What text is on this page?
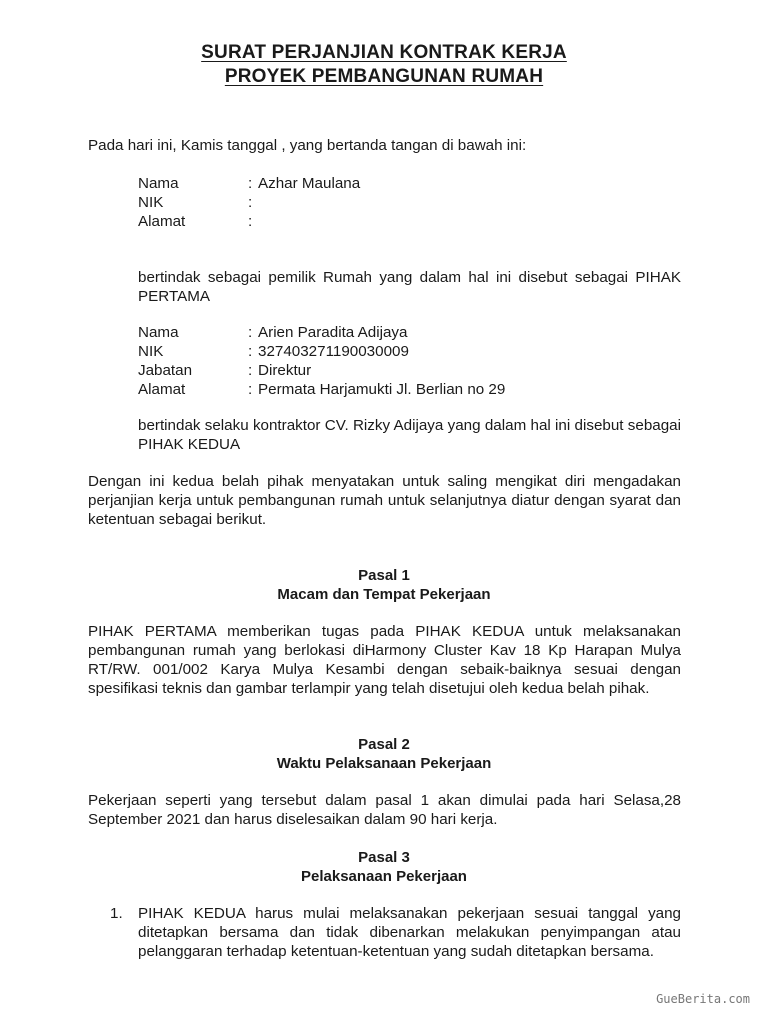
SURAT PERJANJIAN KONTRAK KERJA
PROYEK PEMBANGUNAN RUMAH
Pada hari ini, Kamis tanggal , yang bertanda tangan di bawah ini:
Nama	: Azhar Maulana
NIK	:
Alamat	:
bertindak sebagai pemilik Rumah yang dalam hal ini disebut sebagai PIHAK PERTAMA
Nama	: Arien Paradita Adijaya
NIK	: 327403271190030009
Jabatan	: Direktur
Alamat	: Permata Harjamukti Jl. Berlian no 29
bertindak selaku kontraktor CV. Rizky Adijaya yang dalam hal ini disebut sebagai PIHAK KEDUA
Dengan ini kedua belah pihak menyatakan untuk saling mengikat diri mengadakan perjanjian kerja untuk pembangunan rumah untuk selanjutnya diatur dengan syarat dan ketentuan sebagai berikut.
Pasal 1
Macam dan Tempat Pekerjaan
PIHAK PERTAMA memberikan tugas pada PIHAK KEDUA untuk melaksanakan pembangunan rumah yang berlokasi diHarmony Cluster Kav 18 Kp Harapan Mulya RT/RW. 001/002 Karya Mulya Kesambi dengan sebaik-baiknya sesuai dengan spesifikasi teknis dan gambar terlampir yang telah disetujui oleh kedua belah pihak.
Pasal 2
Waktu Pelaksanaan Pekerjaan
Pekerjaan seperti yang tersebut dalam pasal 1 akan dimulai pada hari Selasa,28 September 2021 dan harus diselesaikan dalam 90 hari kerja.
Pasal 3
Pelaksanaan Pekerjaan
1.	PIHAK KEDUA harus mulai melaksanakan pekerjaan sesuai tanggal yang ditetapkan bersama dan tidak dibenarkan melakukan penyimpangan atau pelanggaran terhadap ketentuan-ketentuan yang sudah ditetapkan bersama.
GueBerita.com
